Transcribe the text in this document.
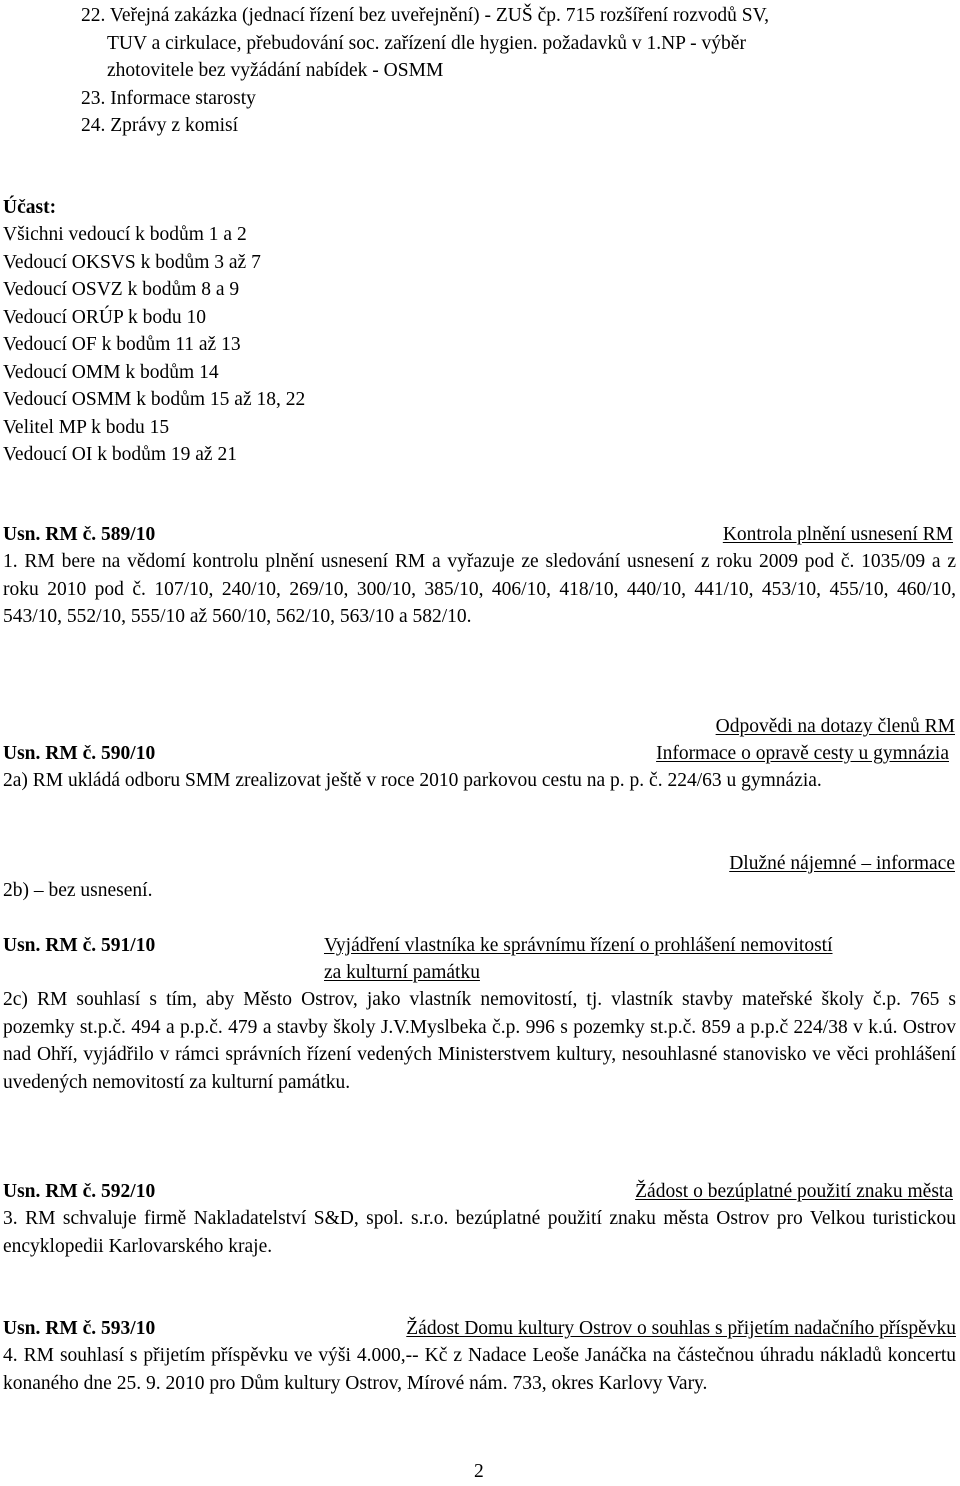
22. Veřejná zakázka (jednací řízení bez uveřejnění) - ZUŠ čp. 715 rozšíření rozvodů SV,
TUV a cirkulace, přebudování soc. zařízení dle hygien. požadavků v 1.NP - výběr
zhotovitele bez vyžádání nabídek - OSMM
23. Informace starosty
24. Zprávy z komisí
Účast:
Všichni vedoucí k bodům 1 a 2
Vedoucí OKSVS k bodům 3 až 7
Vedoucí OSVZ k bodům 8 a 9
Vedoucí ORÚP k bodu 10
Vedoucí OF k bodům 11 až 13
Vedoucí OMM k bodům 14
Vedoucí OSMM k bodům 15 až 18, 22
Velitel MP k bodu 15
Vedoucí OI k bodům 19 až 21
Usn. RM č. 589/10	Kontrola plnění usnesení RM
1. RM bere na vědomí kontrolu plnění usnesení RM a vyřazuje ze sledování usnesení z roku 2009 pod č. 1035/09 a z roku 2010 pod č. 107/10, 240/10, 269/10, 300/10, 385/10, 406/10, 418/10, 440/10, 441/10, 453/10, 455/10, 460/10, 543/10, 552/10, 555/10 až 560/10, 562/10, 563/10 a 582/10.
Odpovědi na dotazy členů RM
Usn. RM č. 590/10	Informace o opravě cesty u gymnázia
2a) RM ukládá odboru SMM zrealizovat ještě v roce 2010 parkovou cestu na p. p. č. 224/63 u gymnázia.
Dlužné nájemné – informace
2b) – bez usnesení.
Usn. RM č. 591/10	Vyjádření vlastníka ke správnímu řízení o prohlášení nemovitostí
za kulturní památku
2c) RM souhlasí s tím, aby Město Ostrov, jako vlastník nemovitostí, tj. vlastník stavby mateřské školy č.p. 765 s pozemky st.p.č. 494 a p.p.č. 479 a stavby školy J.V.Myslbeka č.p. 996 s pozemky st.p.č. 859 a p.p.č 224/38 v k.ú. Ostrov nad Ohří, vyjádřilo v rámci správních řízení vedených Ministerstvem kultury, nesouhlasné stanovisko ve věci prohlášení uvedených nemovitostí za kulturní památku.
Usn. RM č. 592/10	Žádost o bezúplatné použití znaku města
3. RM schvaluje firmě Nakladatelství S&D, spol. s.r.o. bezúplatné použití znaku města Ostrov pro Velkou turistickou encyklopedii Karlovarského kraje.
Usn. RM č. 593/10	Žádost Domu kultury Ostrov o souhlas s přijetím nadačního příspěvku
4. RM souhlasí s přijetím příspěvku ve výši 4.000,-- Kč z Nadace Leoše Janáčka na částečnou úhradu nákladů koncertu konaného dne 25. 9. 2010 pro Dům kultury Ostrov, Mírové nám. 733, okres Karlovy Vary.
2
